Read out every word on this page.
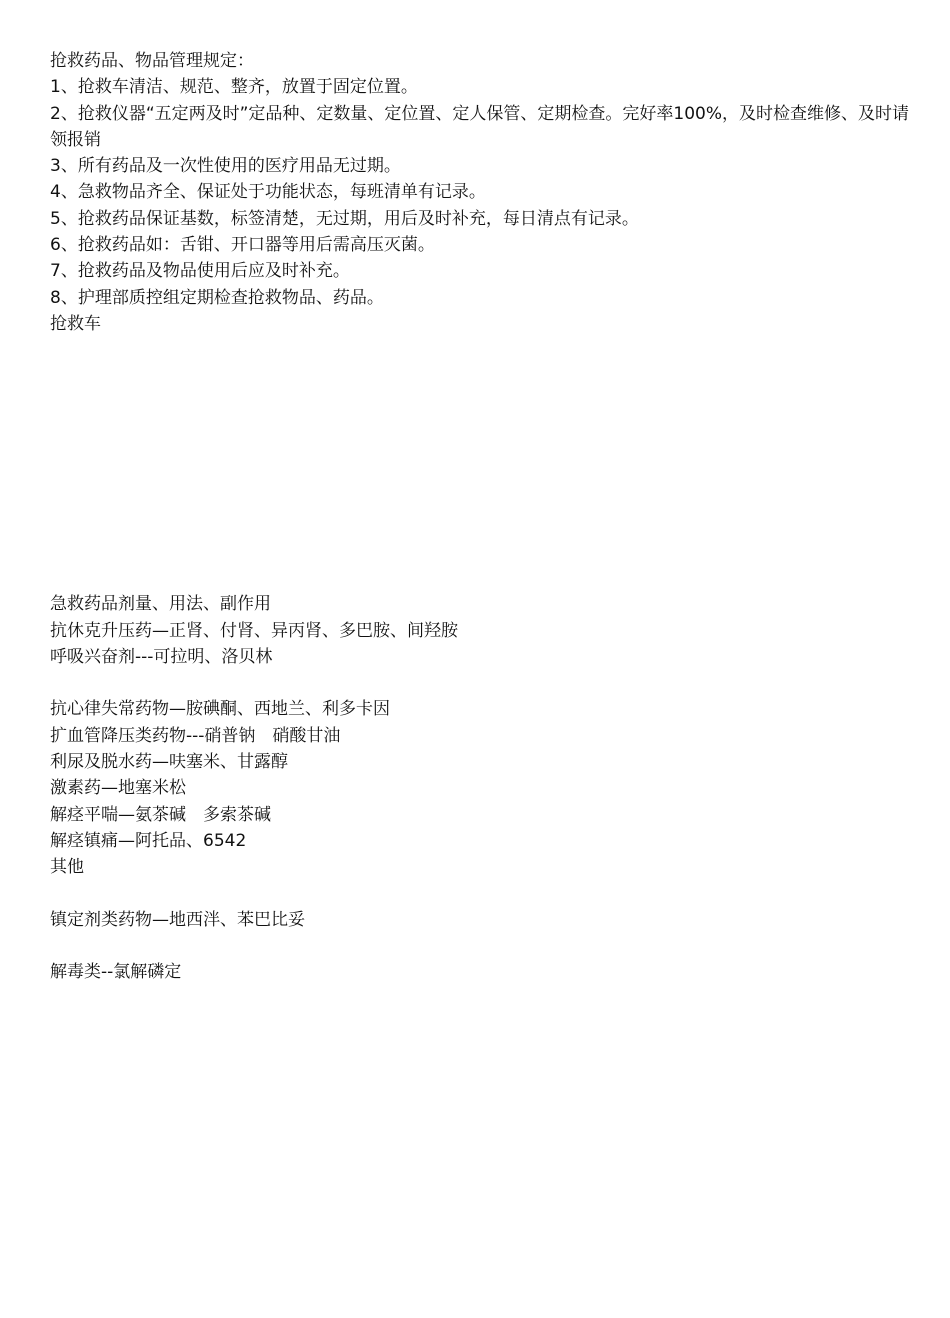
抢救药品、物品管理规定：

1、抢救车清洁、规范、整齐，放置于固定位置。

2、抢救仪器“五定两及时”定品种、定数量、定位置、定人保管、定期检查。完好率100%，及时检查维修、及时请领报销

3、所有药品及一次性使用的医疗用品无过期。

4、急救物品齐全、保证处于功能状态，每班清单有记录。

5、抢救药品保证基数，标签清楚，无过期，用后及时补充，每日清点有记录。

6、抢救药品如：舌钳、开口器等用后需高压灭菌。

7、抢救药品及物品使用后应及时补充。

8、护理部质控组定期检查抢救物品、药品。

抢救车

急救药品剂量、用法、副作用

抗休克升压药—正肾、付肾、异丙肾、多巴胺、间羟胺

呼吸兴奋剂---可拉明、洛贝林

抗心律失常药物—胺碘酮、西地兰、利多卡因

扩血管降压类药物---硝普钠　硝酸甘油

利尿及脱水药—呋塞米、甘露醇

激素药—地塞米松

解痉平喘—氨茶碱　多索茶碱

解痉镇痛—阿托品、6542

其他

镇定剂类药物—地西泮、苯巴比妥

解毒类--氯解磷定
